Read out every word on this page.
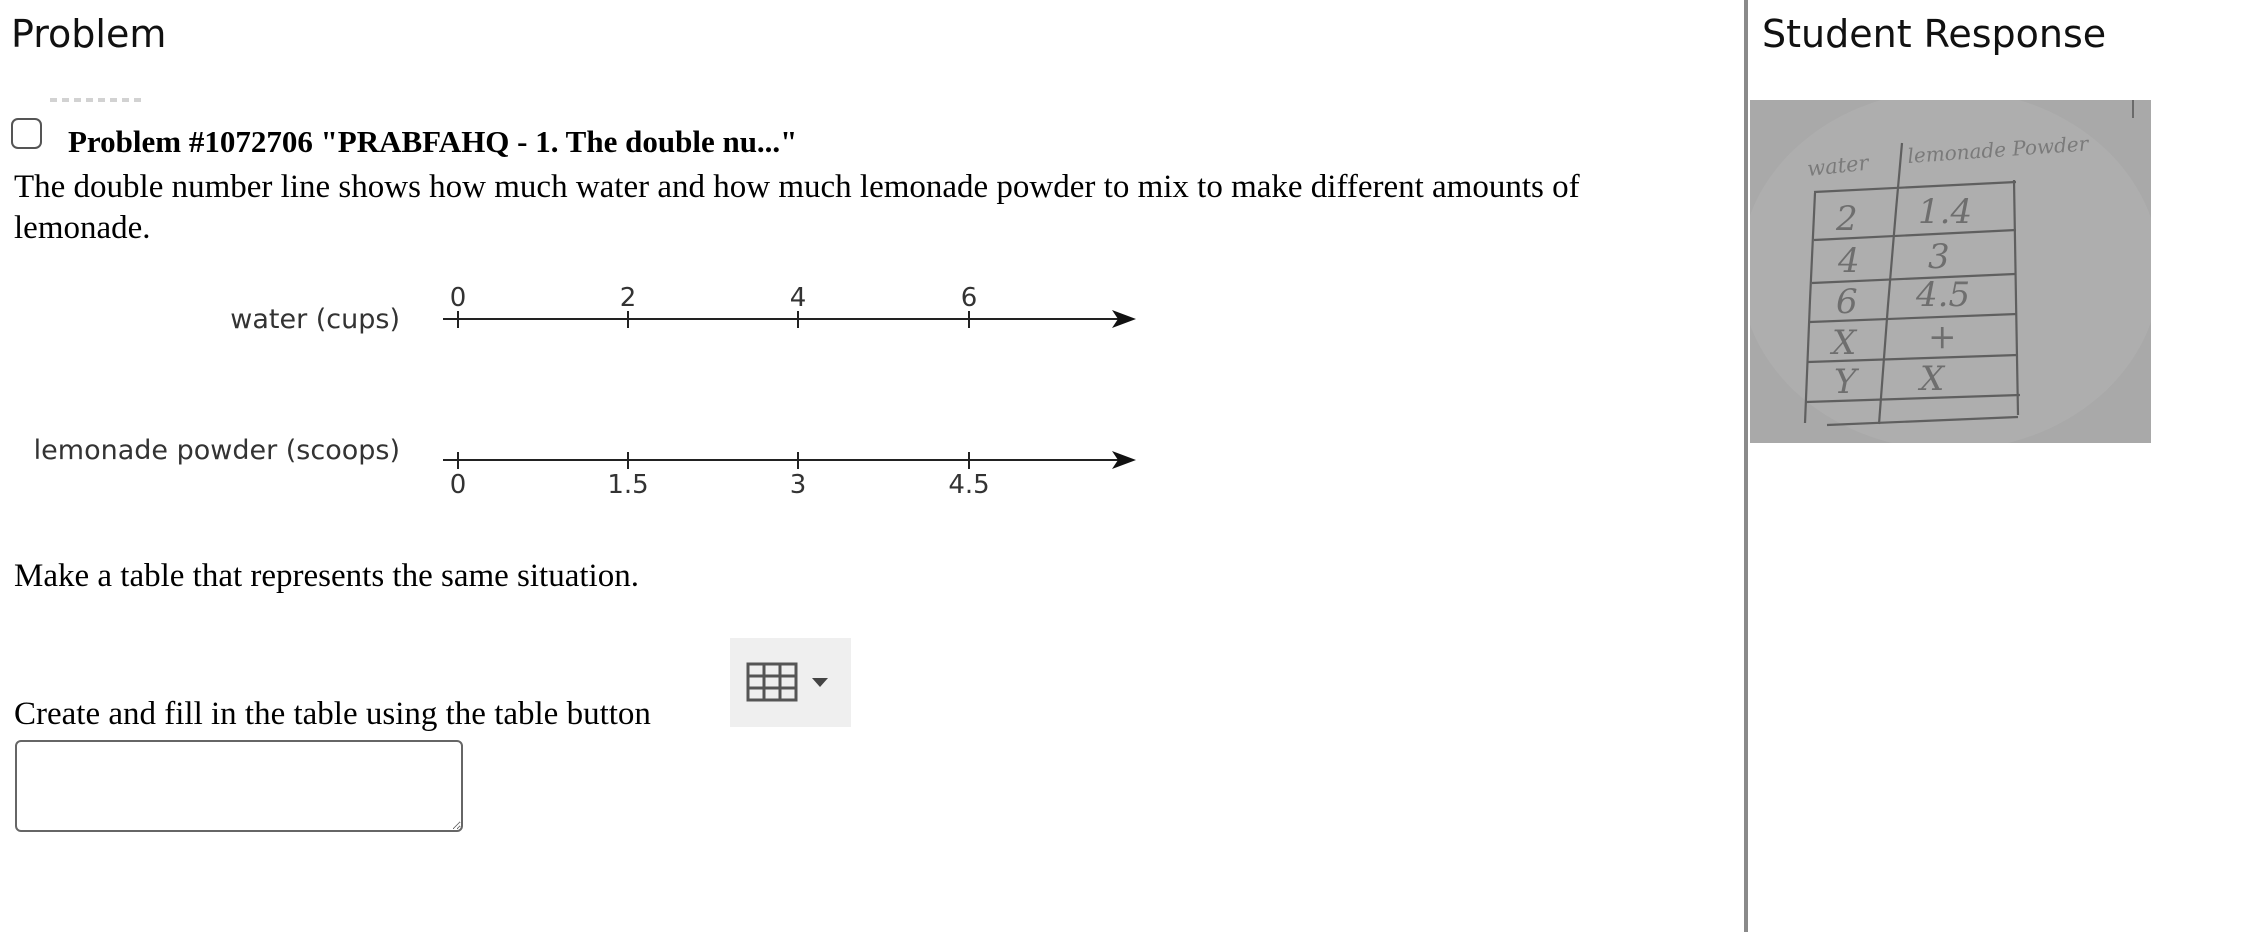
Problem
Problem #1072706 "PRABFAHQ - 1. The double nu..."
The double number line shows how much water and how much lemonade powder to mix to make different amounts of lemonade.
water (cups)
0	2	4	6
lemonade powder (scoops)
0	1.5	3	4.5
Make a table that represents the same situation.
Create and fill in the table using the table button
Student Response
water lemonade Powder
2 1.4
4 3
6 4.5
X +
Y X
